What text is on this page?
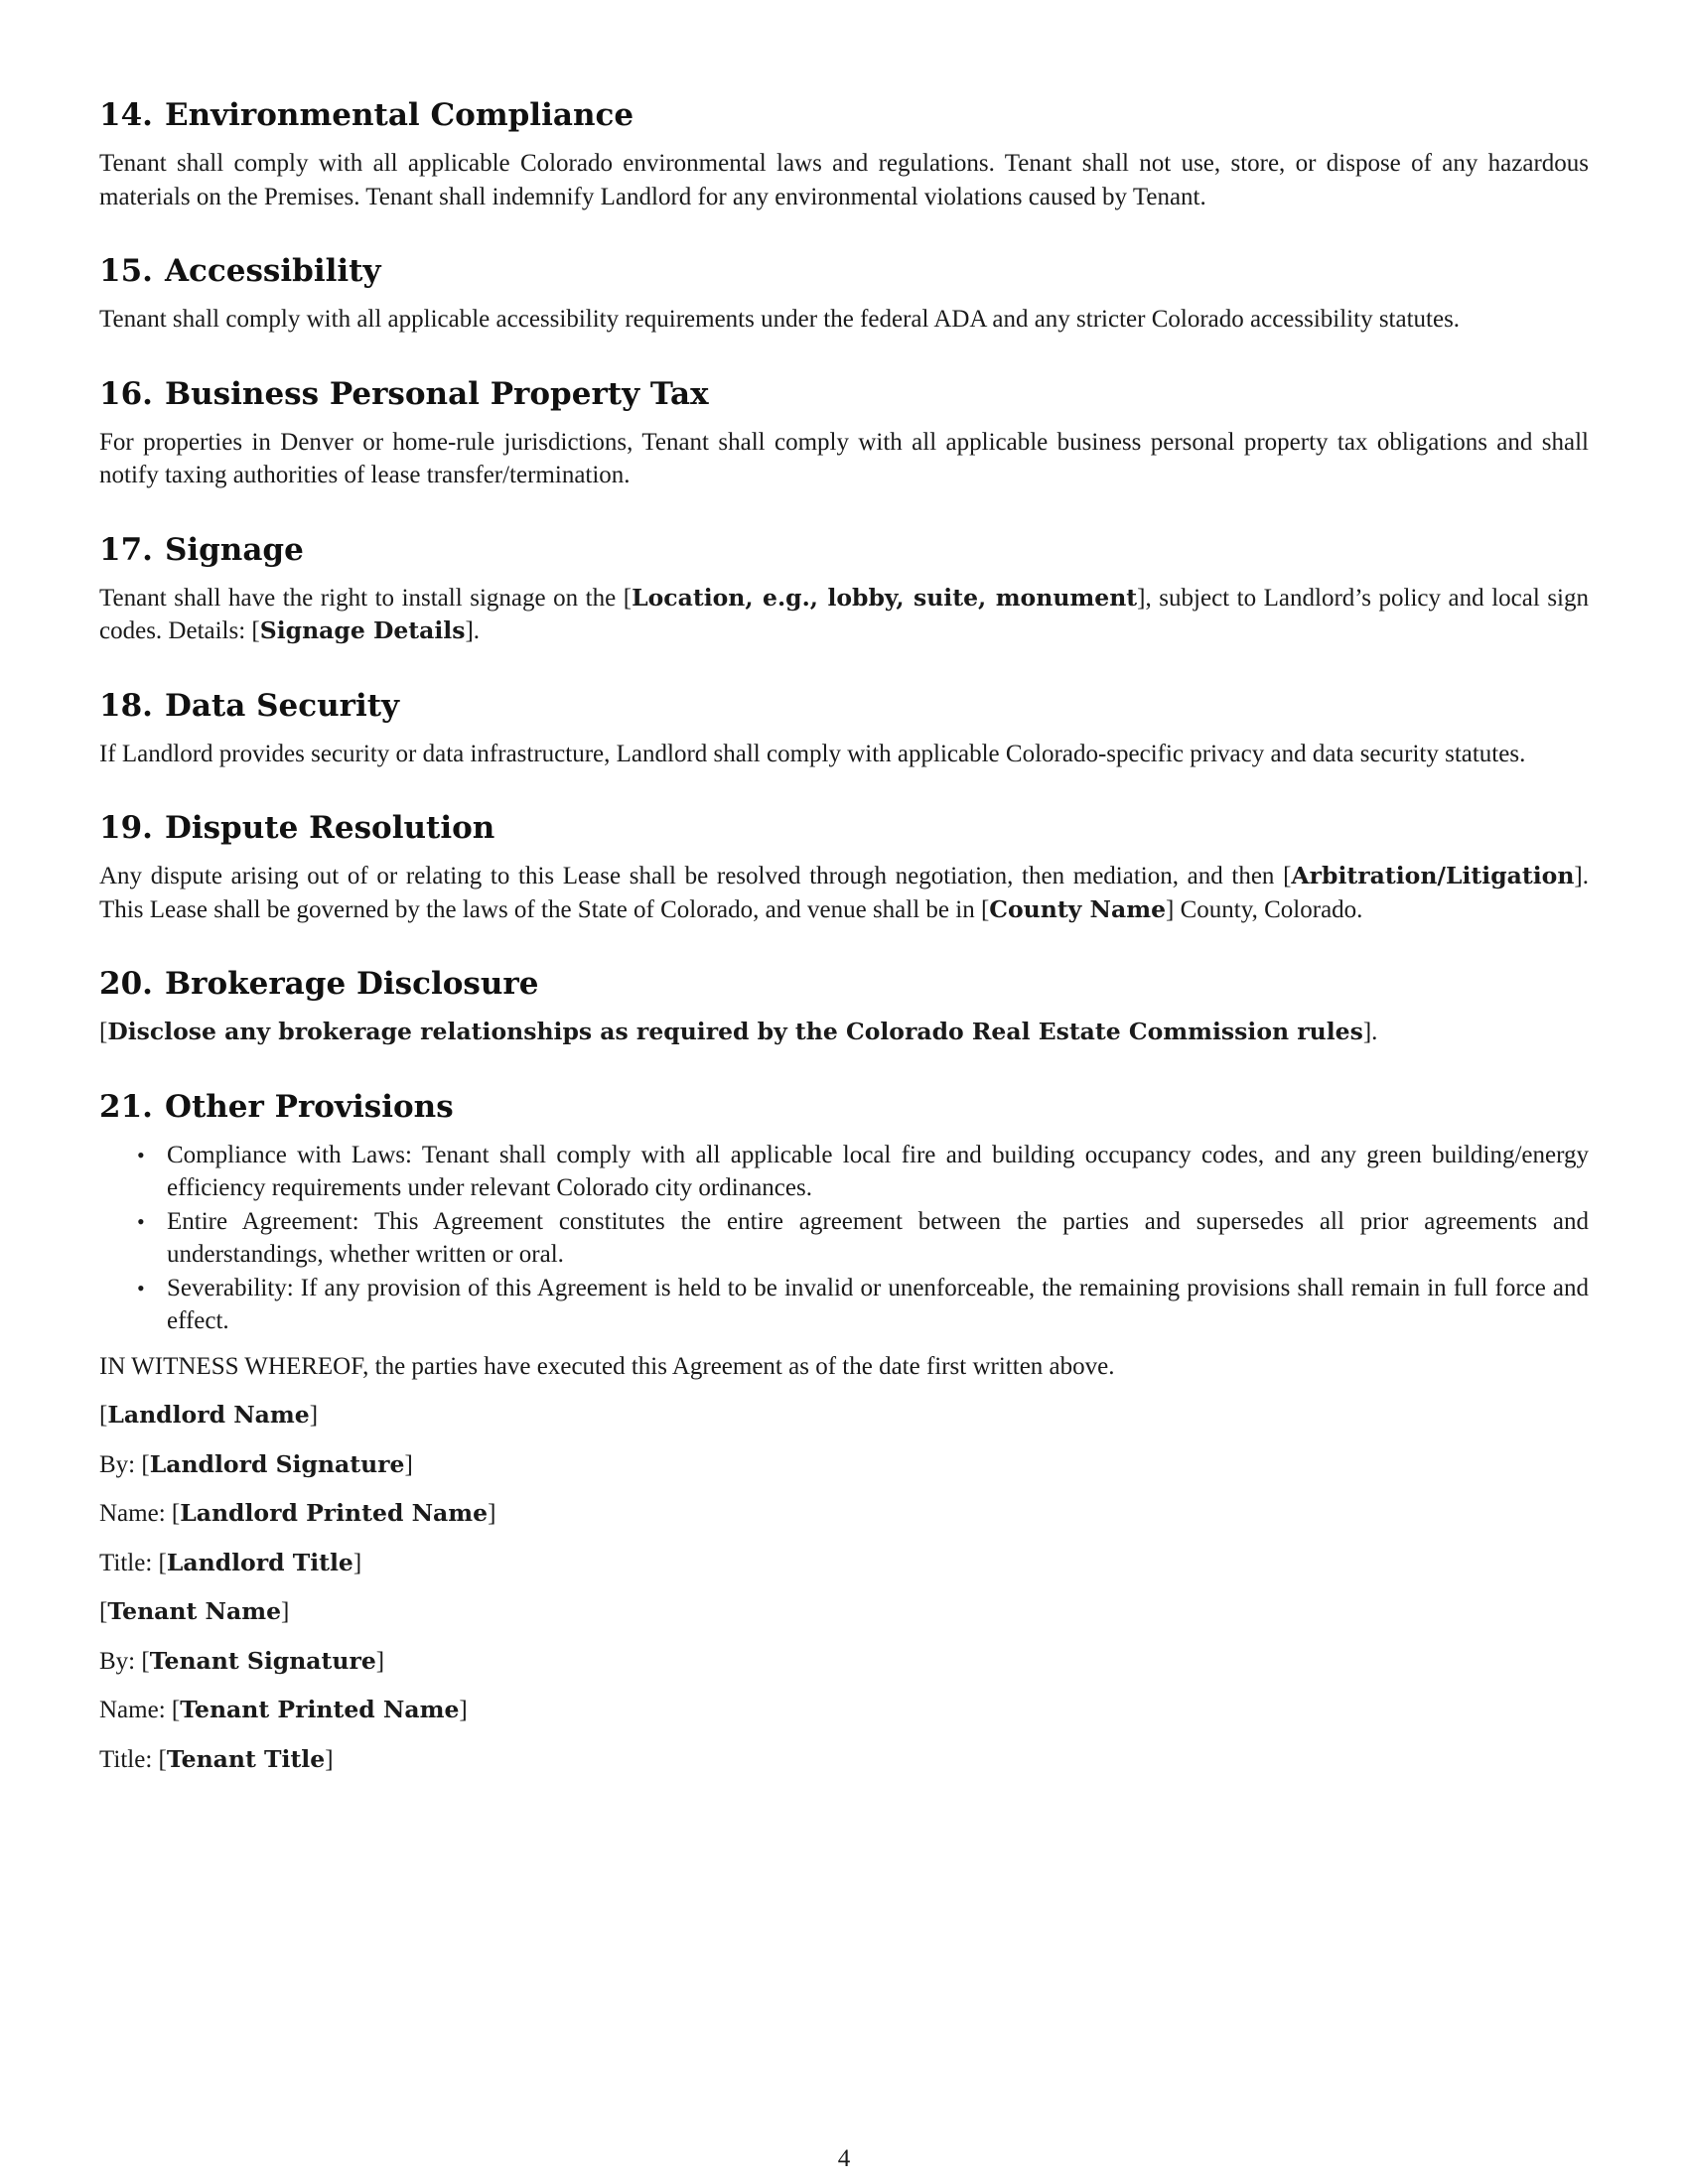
14. Environmental Compliance

Tenant shall comply with all applicable Colorado environmental laws and regulations. Tenant shall not use, store, or dispose of any hazardous materials on the Premises. Tenant shall indemnify Landlord for any environmental violations caused by Tenant.

15. Accessibility

Tenant shall comply with all applicable accessibility requirements under the federal ADA and any stricter Colorado accessibility statutes.

16. Business Personal Property Tax

For properties in Denver or home-rule jurisdictions, Tenant shall comply with all applicable business personal property tax obligations and shall notify taxing authorities of lease transfer/termination.

17. Signage

Tenant shall have the right to install signage on the [Location, e.g., lobby, suite, monument], subject to Landlord’s policy and local sign codes. Details: [Signage Details].

18. Data Security

If Landlord provides security or data infrastructure, Landlord shall comply with applicable Colorado-specific privacy and data security statutes.

19. Dispute Resolution

Any dispute arising out of or relating to this Lease shall be resolved through negotiation, then mediation, and then [Arbitration/Litigation]. This Lease shall be governed by the laws of the State of Colorado, and venue shall be in [County Name] County, Colorado.

20. Brokerage Disclosure

[Disclose any brokerage relationships as required by the Colorado Real Estate Commission rules].

21. Other Provisions
• Compliance with Laws: Tenant shall comply with all applicable local fire and building occupancy codes, and any green building/energy efficiency requirements under relevant Colorado city ordinances.
• Entire Agreement: This Agreement constitutes the entire agreement between the parties and supersedes all prior agreements and understandings, whether written or oral.
• Severability: If any provision of this Agreement is held to be invalid or unenforceable, the remaining provisions shall remain in full force and effect.

IN WITNESS WHEREOF, the parties have executed this Agreement as of the date first written above.

[Landlord Name]

By: [Landlord Signature]

Name: [Landlord Printed Name]

Title: [Landlord Title]

[Tenant Name]

By: [Tenant Signature]

Name: [Tenant Printed Name]

Title: [Tenant Title]

4
